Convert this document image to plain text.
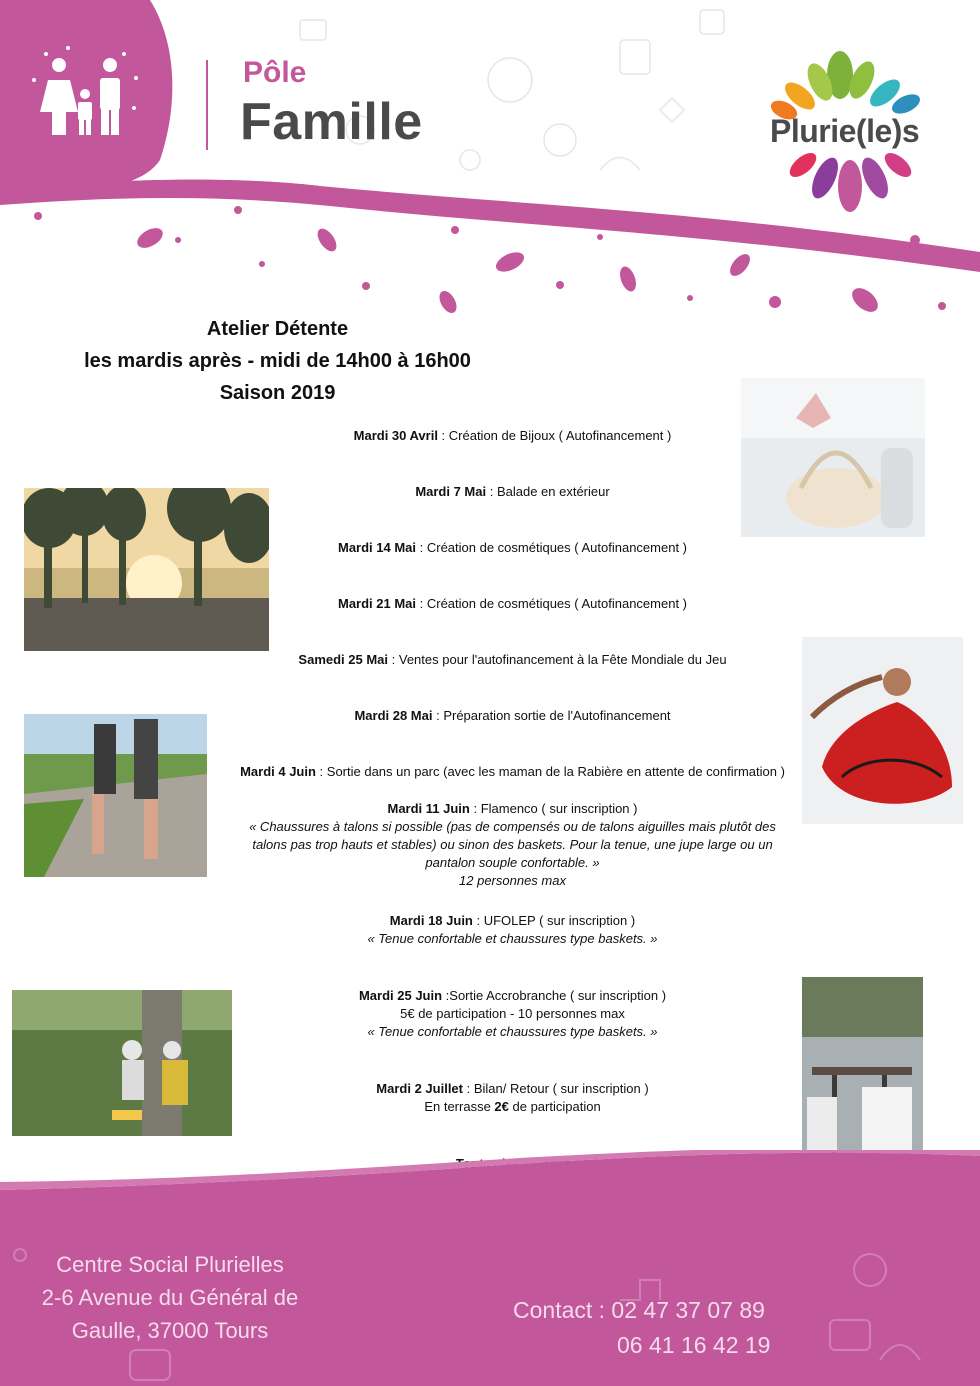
Pôle
Famille	Plurie(le)s
Atelier Détente
les mardis après - midi de 14h00 à 16h00
Saison 2019
Mardi 30 Avril : Création de Bijoux ( Autofinancement )
Mardi 7 Mai : Balade en extérieur
Mardi 14 Mai : Création de cosmétiques ( Autofinancement )
Mardi 21 Mai : Création de cosmétiques ( Autofinancement )
Samedi 25 Mai : Ventes pour l'autofinancement à la Fête Mondiale du Jeu
Mardi 28 Mai : Préparation sortie de l'Autofinancement
Mardi 4 Juin : Sortie dans un parc (avec les maman de la Rabière en attente de confirmation )
Mardi 11 Juin : Flamenco ( sur inscription )
« Chaussures à talons si possible (pas de compensés ou de talons aiguilles mais plutôt des
talons pas trop hauts et stables) ou sinon des baskets. Pour la tenue, une jupe large ou un
pantalon souple confortable. »
12 personnes max
Mardi 18 Juin : UFOLEP ( sur inscription )
« Tenue confortable et chaussures type baskets. »
Mardi 25 Juin :Sortie Accrobranche ( sur inscription )
5€ de participation - 10 personnes max
« Tenue confortable et chaussures type baskets. »
Mardi 2 Juillet : Bilan/ Retour ( sur inscription )
En terrasse 2€ de participation
Centre Social Plurielles
2-6 Avenue du Général de
Gaulle, 37000 Tours
Contact : 02 47 37 07 89
06 41 16 42 19
